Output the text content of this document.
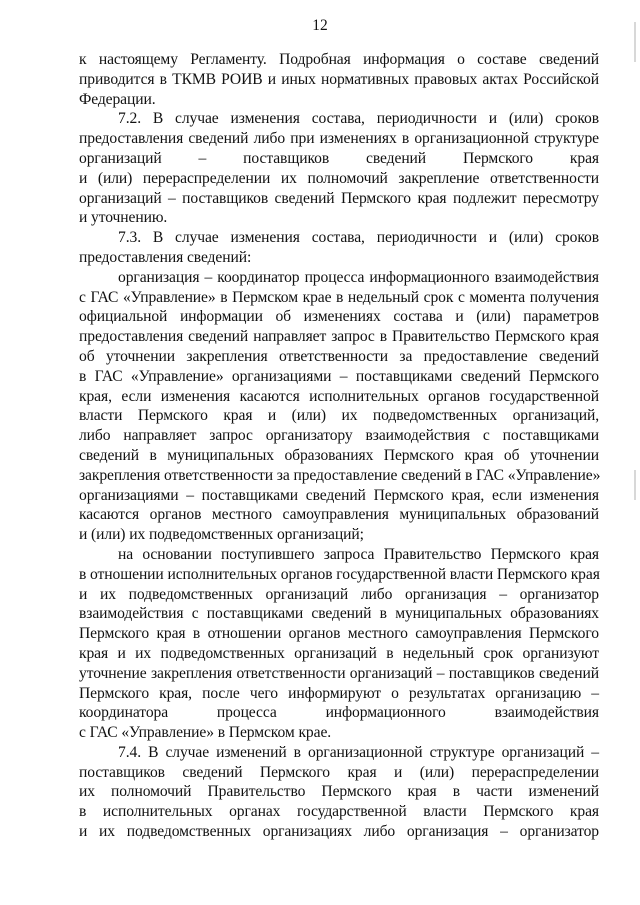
12
к настоящему Регламенту. Подробная информация о составе сведений
приводится в ТКМВ РОИВ и иных нормативных правовых актах Российской
Федерации.
7.2. В случае изменения состава, периодичности и (или) сроков
предоставления сведений либо при изменениях в организационной структуре
организаций – поставщиков сведений Пермского края
и (или) перераспределении их полномочий закрепление ответственности
организаций – поставщиков сведений Пермского края подлежит пересмотру
и уточнению.
7.3. В случае изменения состава, периодичности и (или) сроков
предоставления сведений:
организация – координатор процесса информационного взаимодействия
с ГАС «Управление» в Пермском крае в недельный срок с момента получения
официальной информации об изменениях состава и (или) параметров
предоставления сведений направляет запрос в Правительство Пермского края
об уточнении закрепления ответственности за предоставление сведений
в ГАС «Управление» организациями – поставщиками сведений Пермского
края, если изменения касаются исполнительных органов государственной
власти Пермского края и (или) их подведомственных организаций,
либо направляет запрос организатору взаимодействия с поставщиками
сведений в муниципальных образованиях Пермского края об уточнении
закрепления ответственности за предоставление сведений в ГАС «Управление»
организациями – поставщиками сведений Пермского края, если изменения
касаются органов местного самоуправления муниципальных образований
и (или) их подведомственных организаций;
на основании поступившего запроса Правительство Пермского края
в отношении исполнительных органов государственной власти Пермского края
и их подведомственных организаций либо организация – организатор
взаимодействия с поставщиками сведений в муниципальных образованиях
Пермского края в отношении органов местного самоуправления Пермского
края и их подведомственных организаций в недельный срок организуют
уточнение закрепления ответственности организаций – поставщиков сведений
Пермского края, после чего информируют о результатах организацию –
координатора процесса информационного взаимодействия
с ГАС «Управление» в Пермском крае.
7.4. В случае изменений в организационной структуре организаций –
поставщиков сведений Пермского края и (или) перераспределении
их полномочий Правительство Пермского края в части изменений
в исполнительных органах государственной власти Пермского края
и их подведомственных организациях либо организация – организатор
